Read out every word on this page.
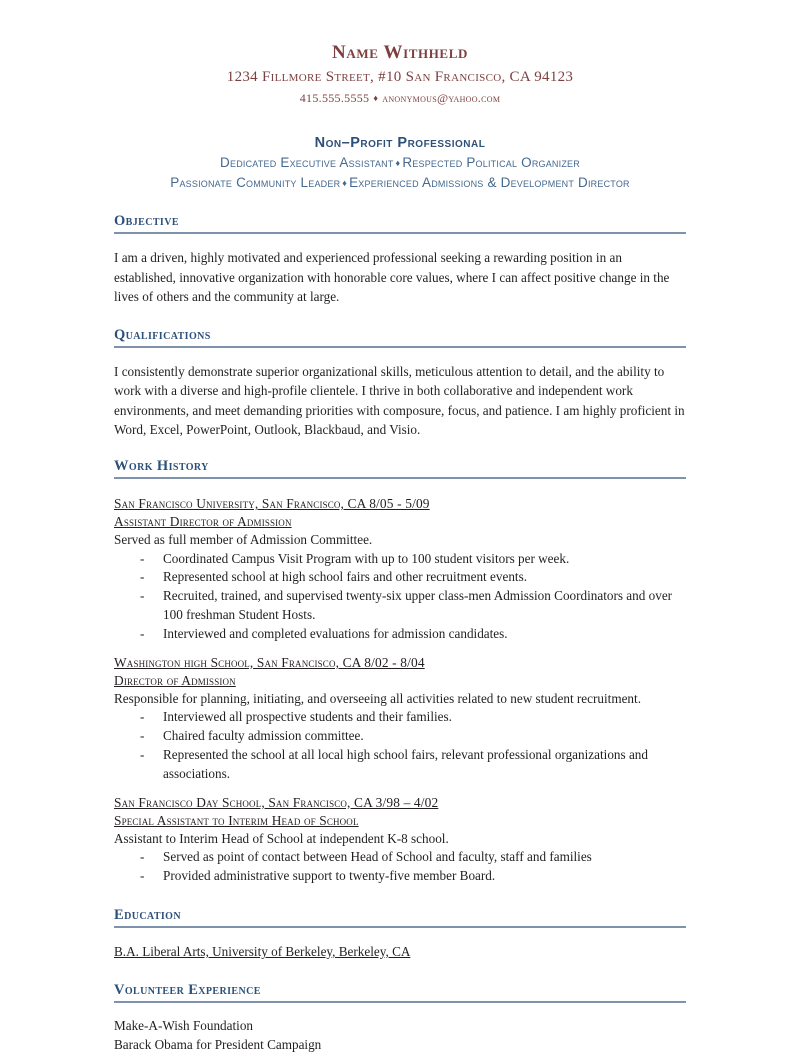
Name Withheld
1234 Fillmore Street, #10 San Francisco, CA 94123
415.555.5555 ♦ anonymous@yahoo.com
Non–Profit Professional
Dedicated Executive Assistant ♦ Respected Political Organizer
Passionate Community Leader ♦ Experienced Admissions & Development Director
Objective

I am a driven, highly motivated and experienced professional seeking a rewarding position in an established, innovative organization with honorable core values, where I can affect positive change in the lives of others and the community at large.

Qualifications

I consistently demonstrate superior organizational skills, meticulous attention to detail, and the ability to work with a diverse and high-profile clientele. I thrive in both collaborative and independent work environments, and meet demanding priorities with composure, focus, and patience. I am highly proficient in Word, Excel, PowerPoint, Outlook, Blackbaud, and Visio.

Work History
San Francisco University, San Francisco, CA 8/05 - 5/09
Assistant Director of Admission
Served as full member of Admission Committee.
- Coordinated Campus Visit Program with up to 100 student visitors per week.
- Represented school at high school fairs and other recruitment events.
- Recruited, trained, and supervised twenty-six upper class-men Admission Coordinators and over 100 freshman Student Hosts.
- Interviewed and completed evaluations for admission candidates.
Washington high School, San Francisco, CA 8/02 - 8/04
Director of Admission
Responsible for planning, initiating, and overseeing all activities related to new student recruitment.
- Interviewed all prospective students and their families.
- Chaired faculty admission committee.
- Represented the school at all local high school fairs, relevant professional organizations and associations.
San Francisco Day School, San Francisco, CA 3/98 – 4/02
Special Assistant to Interim Head of School
Assistant to Interim Head of School at independent K-8 school.
- Served as point of contact between Head of School and faculty, staff and families
- Provided administrative support to twenty-five member Board.
Education
B.A. Liberal Arts, University of Berkeley, Berkeley, CA
Volunteer Experience
Make-A-Wish Foundation
Barack Obama for President Campaign
